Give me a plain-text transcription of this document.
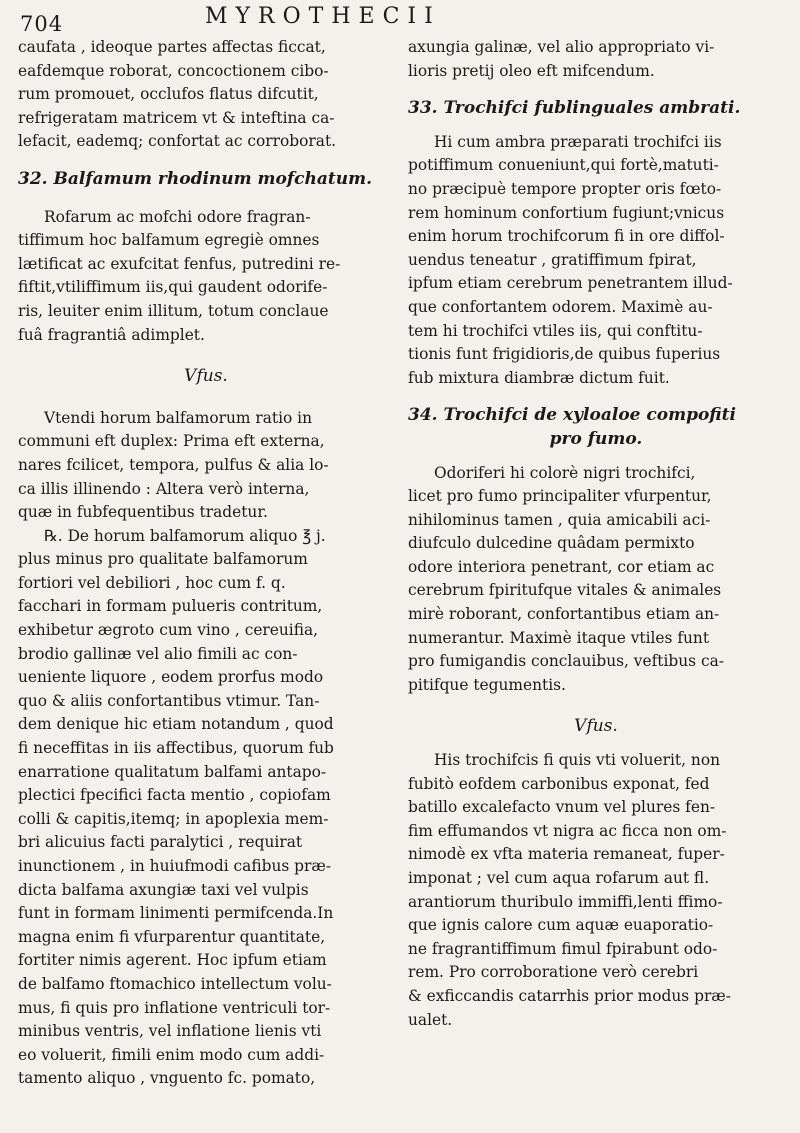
704	MYROTHECII

caufata , ideoque partes affectas ficcat,

eafdemque roborat, concoctionem cibo-

rum promouet, occlufos flatus difcutit,

refrigeratam matricem vt & inteftina ca-

lefacit, eademq; confortat ac corroborat.

32. Balfamum rhodinum mofchatum.

Rofarum ac mofchi odore fragran-

tiffimum hoc balfamum egregiè omnes

lætificat ac exufcitat fenfus, putredini re-

fiftit,vtiliffimum iis,qui gaudent odorife-

ris, leuiter enim illitum, totum conclaue

fuâ fragrantiâ adimplet.

Vfus.

Vtendi horum balfamorum ratio in

communi eft duplex: Prima eft externa,

nares fcilicet, tempora, pulfus & alia lo-

ca illis illinendo : Altera verò interna,

quæ in fubfequentibus tradetur.

℞. De horum balfamorum aliquo ℥ j.

plus minus pro qualitate balfamorum

fortiori vel debiliori , hoc cum f. q.

facchari in formam pulueris contritum,

exhibetur ægroto cum vino , cereuifia,

brodio gallinæ vel alio fimili ac con-

ueniente liquore , eodem prorfus modo

quo & aliis confortantibus vtimur. Tan-

dem denique hic etiam notandum , quod

fi neceffitas in iis affectibus, quorum fub

enarratione qualitatum balfami antapo-

plectici fpecifici facta mentio , copiofam

colli & capitis,itemq; in apoplexia mem-

bri alicuius facti paralytici , requirat

inunctionem , in huiufmodi cafibus præ-

dicta balfama axungiæ taxi vel vulpis

funt in formam linimenti permifcenda.In

magna enim fi vfurparentur quantitate,

fortiter nimis agerent. Hoc ipfum etiam

de balfamo ftomachico intellectum volu-

mus, fi quis pro inflatione ventriculi tor-

minibus ventris, vel inflatione lienis vti

eo voluerit, fimili enim modo cum addi-

tamento aliquo , vnguento fc. pomato,

axungia galinæ, vel alio appropriato vi-

lioris pretij oleo eft mifcendum.

33. Trochifci fublinguales ambrati.

Hi cum ambra præparati trochifci iis

potiffimum conueniunt,qui fortè,matuti-

no præcipuè tempore propter oris fœto-

rem hominum confortium fugiunt;vnicus

enim horum trochifcorum fi in ore diffol-

uendus teneatur , gratiffimum fpirat,

ipfum etiam cerebrum penetrantem illud-

que confortantem odorem. Maximè au-

tem hi trochifci vtiles iis, qui conftitu-

tionis funt frigidioris,de quibus fuperius

fub mixtura diambræ dictum fuit.

34. Trochifci de xyloaloe compofiti

pro fumo.

Odoriferi hi colorè nigri trochifci,

licet pro fumo principaliter vfurpentur,

nihilominus tamen , quia amicabili aci-

diufculo dulcedine quâdam permixto

odore interiora penetrant, cor etiam ac

cerebrum fpiritufque vitales & animales

mirè roborant, confortantibus etiam an-

numerantur. Maximè itaque vtiles funt

pro fumigandis conclauibus, veftibus ca-

pitifque tegumentis.

Vfus.

His trochifcis fi quis vti voluerit, non

fubitò eofdem carbonibus exponat, fed

batillo excalefacto vnum vel plures fen-

fim effumandos vt nigra ac ficca non om-

nimodè ex vfta materia remaneat, fuper-

imponat ; vel cum aqua rofarum aut fl.

arantiorum thuribulo immiffi,lenti ffimo-

que ignis calore cum aquæ euaporatio-

ne fragrantiffimum fimul fpirabunt odo-

rem. Pro corroboratione verò cerebri

& exficcandis catarrhis prior modus præ-

ualet.
